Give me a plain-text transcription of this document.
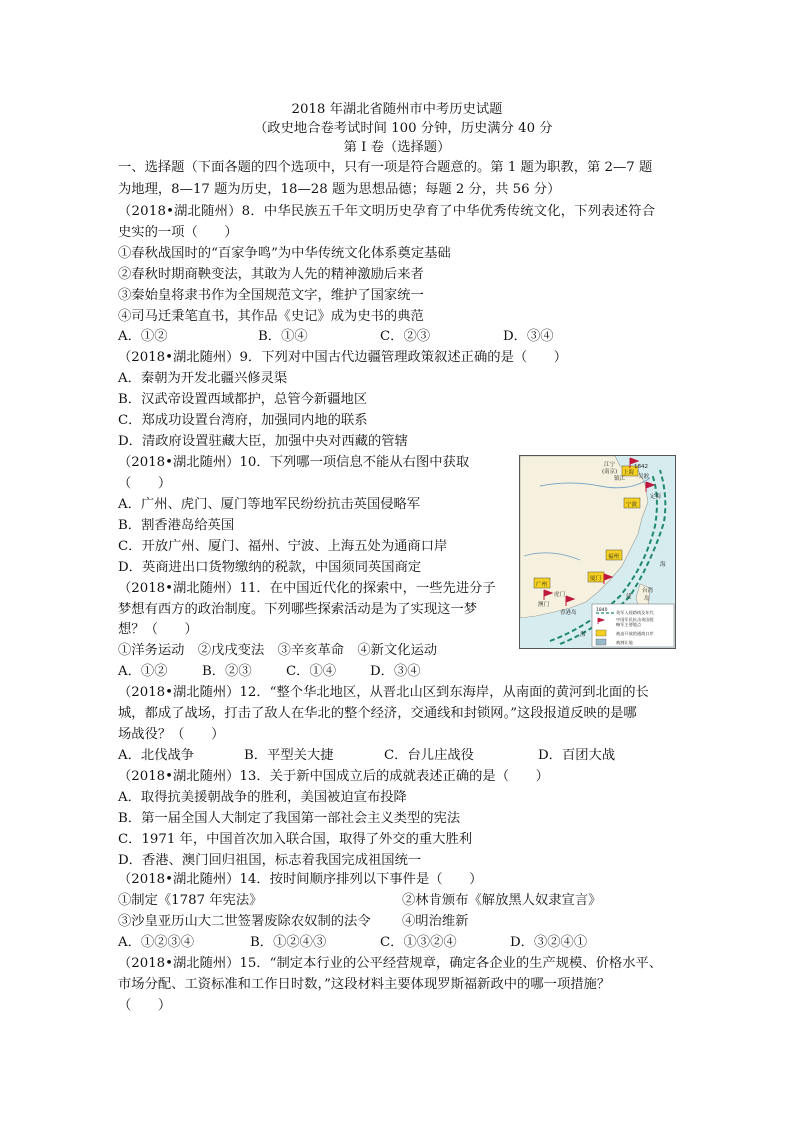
2018 年湖北省随州市中考历史试题
（政史地合卷考试时间 100 分钟，历史满分 40 分
第 I 卷（选择题）
一、选择题（下面各题的四个选项中，只有一项是符合题意的。第 1 题为职教，第 2—7 题
为地理，8—17 题为历史，18—28 题为思想品德；每题 2 分，共 56 分）
（2018•湖北随州）8．中华民族五千年文明历史孕育了中华优秀传统文化，下列表述符合
史实的一项（　　）
①春秋战国时的“百家争鸣”为中华传统文化体系奠定基础
②春秋时期商鞅变法，其敢为人先的精神激励后来者
③秦始皇将隶书作为全国规范文字，维护了国家统一
④司马迁秉笔直书，其作品《史记》成为史书的典范
A．①②	B．①④	C．②③	D．③④
（2018•湖北随州）9．下列对中国古代边疆管理政策叙述正确的是（　　）
A．秦朝为开发北疆兴修灵渠
B．汉武帝设置西域都护，总管今新疆地区
C．郑成功设置台湾府，加强同内地的联系
D．清政府设置驻藏大臣，加强中央对西藏的管辖
（2018•湖北随州）10．下列哪一项信息不能从右图中获取
（　　）
A．广州、虎门、厦门等地军民纷纷抗击英国侵略军
B．割香港岛给英国
C．开放广州、厦门、福州、宁波、上海五处为通商口岸
D．英商进出口货物缴纳的税款，中国须同英国商定
江宁
(南京)
镇江
1842
吴淞
上海
定海
宁波
福州
厦门
广州
虎门
澳门
香港岛
台湾
岛
建
海
海
1840 英军入侵路线及年代
中国军民抗击英国侵
略军主要地点
被迫开放的通商口岸
被割让地
（2018•湖北随州）11．在中国近代化的探索中，一些先进分子
梦想有西方的政治制度。下列哪些探索活动是为了实现这一梦
想？（　　）
①洋务运动　②戊戌变法　③辛亥革命　④新文化运动
A．①②	B．②③	C．①④	D．③④
（2018•湖北随州）12．“整个华北地区，从晋北山区到东海岸，从南面的黄河到北面的长
城，都成了战场，打击了敌人在华北的整个经济，交通线和封锁网。”这段报道反映的是哪
场战役？（　　）
A．北伐战争	B．平型关大捷	C．台儿庄战役	D．百团大战
（2018•湖北随州）13．关于新中国成立后的成就表述正确的是（　　）
A．取得抗美援朝战争的胜利，美国被迫宣布投降
B．第一届全国人大制定了我国第一部社会主义类型的宪法
C．1971 年，中国首次加入联合国，取得了外交的重大胜利
D．香港、澳门回归祖国，标志着我国完成祖国统一
（2018•湖北随州）14．按时间顺序排列以下事件是（　　）
①制定《1787 年宪法》	②林肯颁布《解放黑人奴隶宣言》
③沙皇亚历山大二世签署废除农奴制的法令 ④明治维新
A．①②③④	B．①②④③	C．①③②④	D．③②④①
（2018•湖北随州）15．“制定本行业的公平经营规章，确定各企业的生产规模、价格水平、
市场分配、工资标准和工作日时数，”这段材料主要体现罗斯福新政中的哪一项措施？
（　　）
